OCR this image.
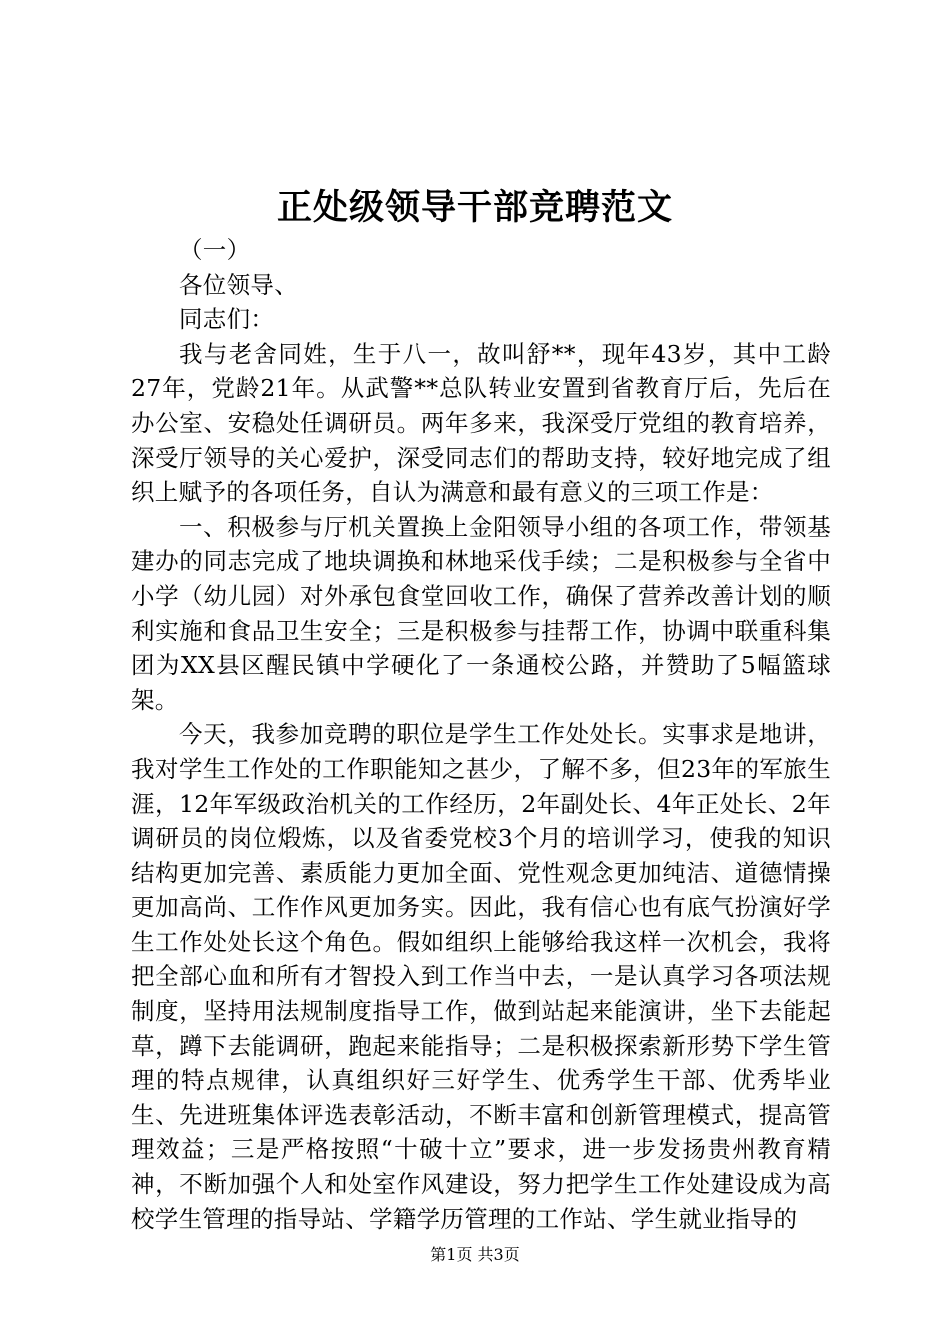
正处级领导干部竞聘范文

（一）

各位领导、

同志们：

我与老舍同姓，生于八一，故叫舒**，现年43岁，其中工龄27年，党龄21年。从武警**总队转业安置到省教育厅后，先后在办公室、安稳处任调研员。两年多来，我深受厅党组的教育培养，深受厅领导的关心爱护，深受同志们的帮助支持，较好地完成了组织上赋予的各项任务，自认为满意和最有意义的三项工作是：

一、积极参与厅机关置换上金阳领导小组的各项工作，带领基建办的同志完成了地块调换和林地采伐手续；二是积极参与全省中小学（幼儿园）对外承包食堂回收工作，确保了营养改善计划的顺利实施和食品卫生安全；三是积极参与挂帮工作，协调中联重科集团为XX县区醒民镇中学硬化了一条通校公路，并赞助了5幅篮球架。

今天，我参加竞聘的职位是学生工作处处长。实事求是地讲，我对学生工作处的工作职能知之甚少，了解不多，但23年的军旅生涯，12年军级政治机关的工作经历，2年副处长、4年正处长、2年调研员的岗位煅炼，以及省委党校3个月的培训学习，使我的知识结构更加完善、素质能力更加全面、党性观念更加纯洁、道德情操更加高尚、工作作风更加务实。因此，我有信心也有底气扮演好学生工作处处长这个角色。假如组织上能够给我这样一次机会，我将把全部心血和所有才智投入到工作当中去，一是认真学习各项法规制度，坚持用法规制度指导工作，做到站起来能演讲，坐下去能起草，蹲下去能调研，跑起来能指导；二是积极探索新形势下学生管理的特点规律，认真组织好三好学生、优秀学生干部、优秀毕业生、先进班集体评选表彰活动，不断丰富和创新管理模式，提高管理效益；三是严格按照“十破十立”要求，进一步发扬贵州教育精神，不断加强个人和处室作风建设，努力把学生工作处建设成为高校学生管理的指导站、学籍学历管理的工作站、学生就业指导的

第1页 共3页
